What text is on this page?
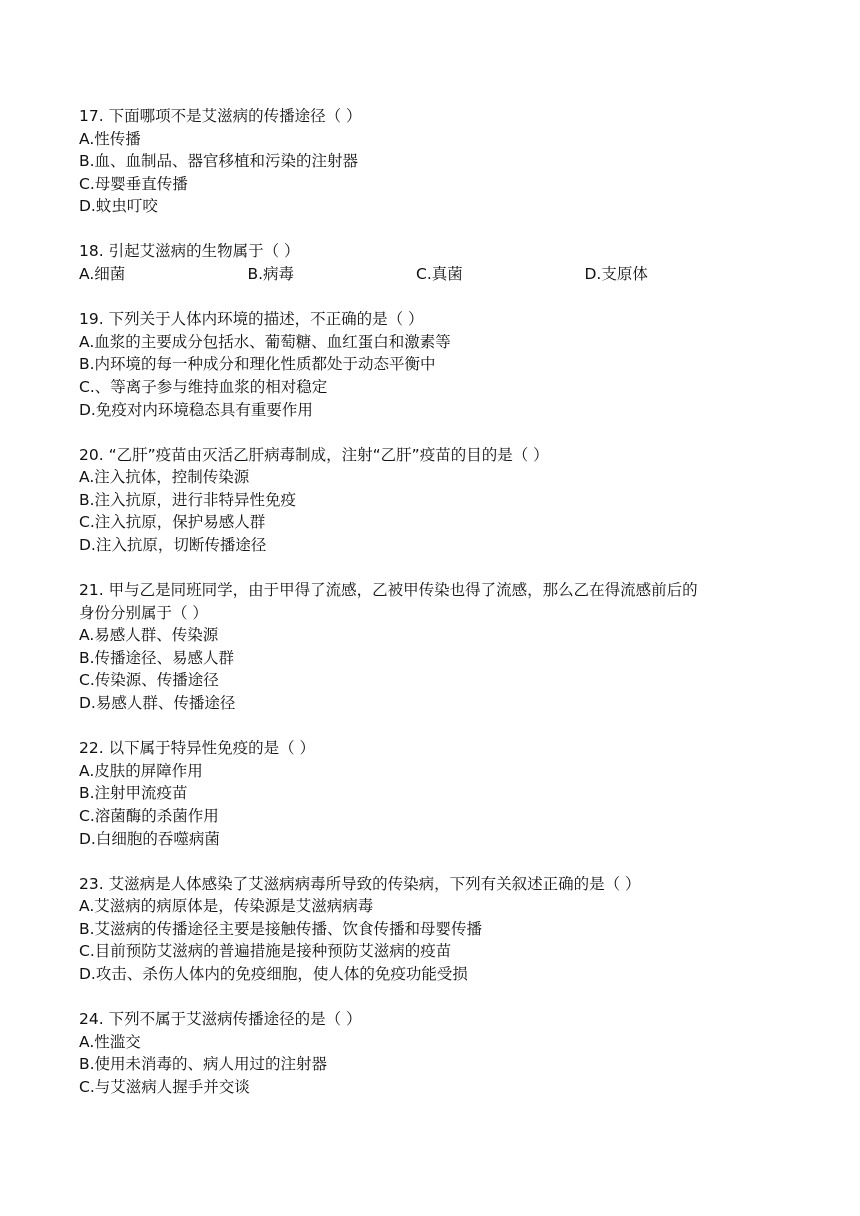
17. 下面哪项不是艾滋病的传播途径（ ）
A.性传播
B.血、血制品、器官移植和污染的注射器
C.母婴垂直传播
D.蚊虫叮咬
18. 引起艾滋病的生物属于（ ）
A.细菌	B.病毒	C.真菌	D.支原体
19. 下列关于人体内环境的描述，不正确的是（ ）
A.血浆的主要成分包括水、葡萄糖、血红蛋白和激素等
B.内环境的每一种成分和理化性质都处于动态平衡中
C.、等离子参与维持血浆的相对稳定
D.免疫对内环境稳态具有重要作用
20. “乙肝”疫苗由灭活乙肝病毒制成，注射“乙肝”疫苗的目的是（ ）
A.注入抗体，控制传染源
B.注入抗原，进行非特异性免疫
C.注入抗原，保护易感人群
D.注入抗原，切断传播途径
21. 甲与乙是同班同学，由于甲得了流感，乙被甲传染也得了流感，那么乙在得流感前后的
身份分别属于（ ）
A.易感人群、传染源
B.传播途径、易感人群
C.传染源、传播途径
D.易感人群、传播途径
22. 以下属于特异性免疫的是（ ）
A.皮肤的屏障作用
B.注射甲流疫苗
C.溶菌酶的杀菌作用
D.白细胞的吞噬病菌
23. 艾滋病是人体感染了艾滋病病毒所导致的传染病，下列有关叙述正确的是（ ）
A.艾滋病的病原体是，传染源是艾滋病病毒
B.艾滋病的传播途径主要是接触传播、饮食传播和母婴传播
C.目前预防艾滋病的普遍措施是接种预防艾滋病的疫苗
D.攻击、杀伤人体内的免疫细胞，使人体的免疫功能受损
24. 下列不属于艾滋病传播途径的是（ ）
A.性滥交
B.使用未消毒的、病人用过的注射器
C.与艾滋病人握手并交谈
